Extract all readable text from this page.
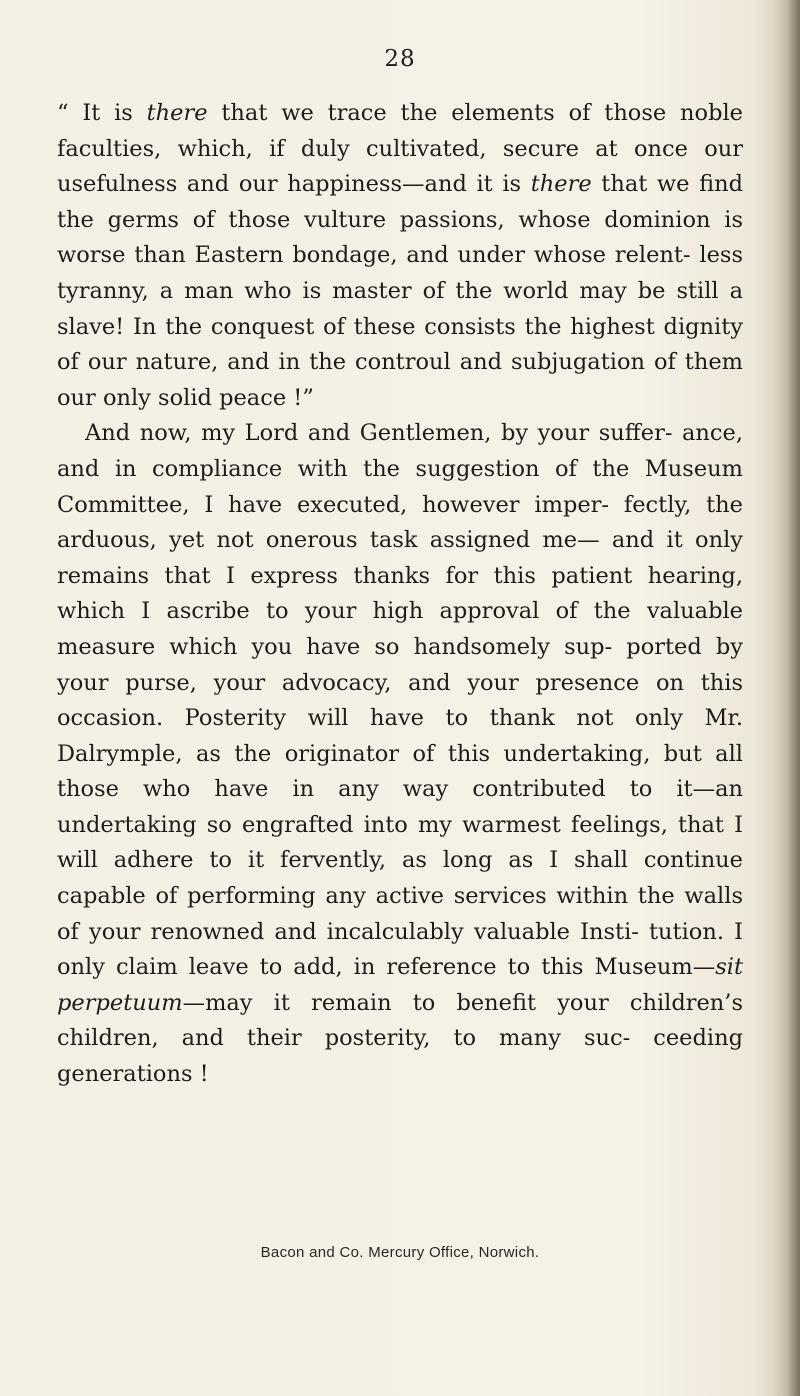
28

“ It is there that we trace the elements of those noble faculties, which, if duly cultivated, secure at once our usefulness and our happiness—and it is there that we find the germs of those vulture passions, whose dominion is worse than Eastern bondage, and under whose relent- less tyranny, a man who is master of the world may be still a slave! In the conquest of these consists the highest dignity of our nature, and in the controul and subjugation of them our only solid peace !”

And now, my Lord and Gentlemen, by your suffer- ance, and in compliance with the suggestion of the Museum Committee, I have executed, however imper- fectly, the arduous, yet not onerous task assigned me— and it only remains that I express thanks for this patient hearing, which I ascribe to your high approval of the valuable measure which you have so handsomely sup- ported by your purse, your advocacy, and your presence on this occasion. Posterity will have to thank not only Mr. Dalrymple, as the originator of this undertaking, but all those who have in any way contributed to it—an undertaking so engrafted into my warmest feelings, that I will adhere to it fervently, as long as I shall continue capable of performing any active services within the walls of your renowned and incalculably valuable Insti- tution. I only claim leave to add, in reference to this Museum—sit perpetuum—may it remain to benefit your children’s children, and their posterity, to many suc- ceeding generations !

Bacon and Co. Mercury Office, Norwich.
